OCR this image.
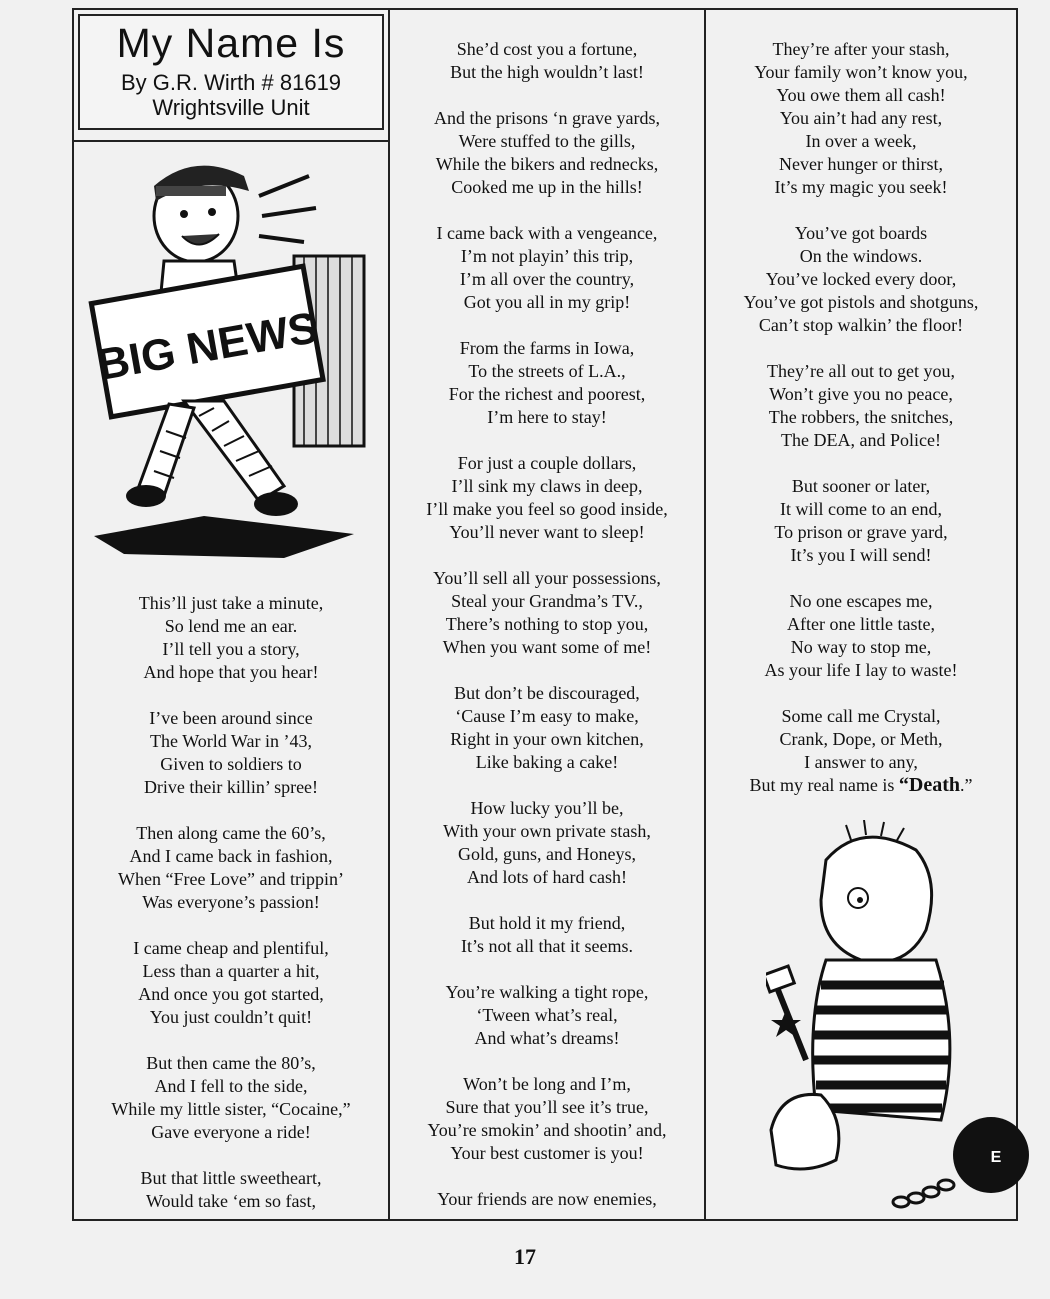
My Name Is
By G.R. Wirth # 81619
Wrightsville Unit
BIG NEWS
This’ll just take a minute,
So lend me an ear.
I’ll tell you a story,
And hope that you hear!
I’ve been around since
The World War in ’43,
Given to soldiers to
Drive their killin’ spree!
Then along came the 60’s,
And I came back in fashion,
When “Free Love” and trippin’
Was everyone’s passion!
I came cheap and plentiful,
Less than a quarter a hit,
And once you got started,
You just couldn’t quit!
But then came the 80’s,
And I fell to the side,
While my little sister, “Cocaine,”
Gave everyone a ride!
But that little sweetheart,
Would take ‘em so fast,
She’d cost you a fortune,
But the high wouldn’t last!
And the prisons ‘n grave yards,
Were stuffed to the gills,
While the bikers and rednecks,
Cooked me up in the hills!
I came back with a vengeance,
I’m not playin’ this trip,
I’m all over the country,
Got you all in my grip!
From the farms in Iowa,
To the streets of L.A.,
For the richest and poorest,
I’m here to stay!
For just a couple dollars,
I’ll sink my claws in deep,
I’ll make you feel so good inside,
You’ll never want to sleep!
You’ll sell all your possessions,
Steal your Grandma’s TV.,
There’s nothing to stop you,
When you want some of me!
But don’t be discouraged,
‘Cause I’m easy to make,
Right in your own kitchen,
Like baking a cake!
How lucky you’ll be,
With your own private stash,
Gold, guns, and Honeys,
And lots of hard cash!
But hold it my friend,
It’s not all that it seems.
You’re walking a tight rope,
‘Tween what’s real,
And what’s dreams!
Won’t be long and I’m,
Sure that you’ll see it’s true,
You’re smokin’ and shootin’ and,
Your best customer is you!
Your friends are now enemies,
They’re after your stash,
Your family won’t know you,
You owe them all cash!
You ain’t had any rest,
In over a week,
Never hunger or thirst,
It’s my magic you seek!
You’ve got boards
On the windows.
You’ve locked every door,
You’ve got pistols and shotguns,
Can’t stop walkin’ the floor!
They’re all out to get you,
Won’t give you no peace,
The robbers, the snitches,
The DEA, and Police!
But sooner or later,
It will come to an end,
To prison or grave yard,
It’s you I will send!
No one escapes me,
After one little taste,
No way to stop me,
As your life I lay to waste!
Some call me Crystal,
Crank, Dope, or Meth,
I answer to any,
But my real name is “Death.”
E
17
